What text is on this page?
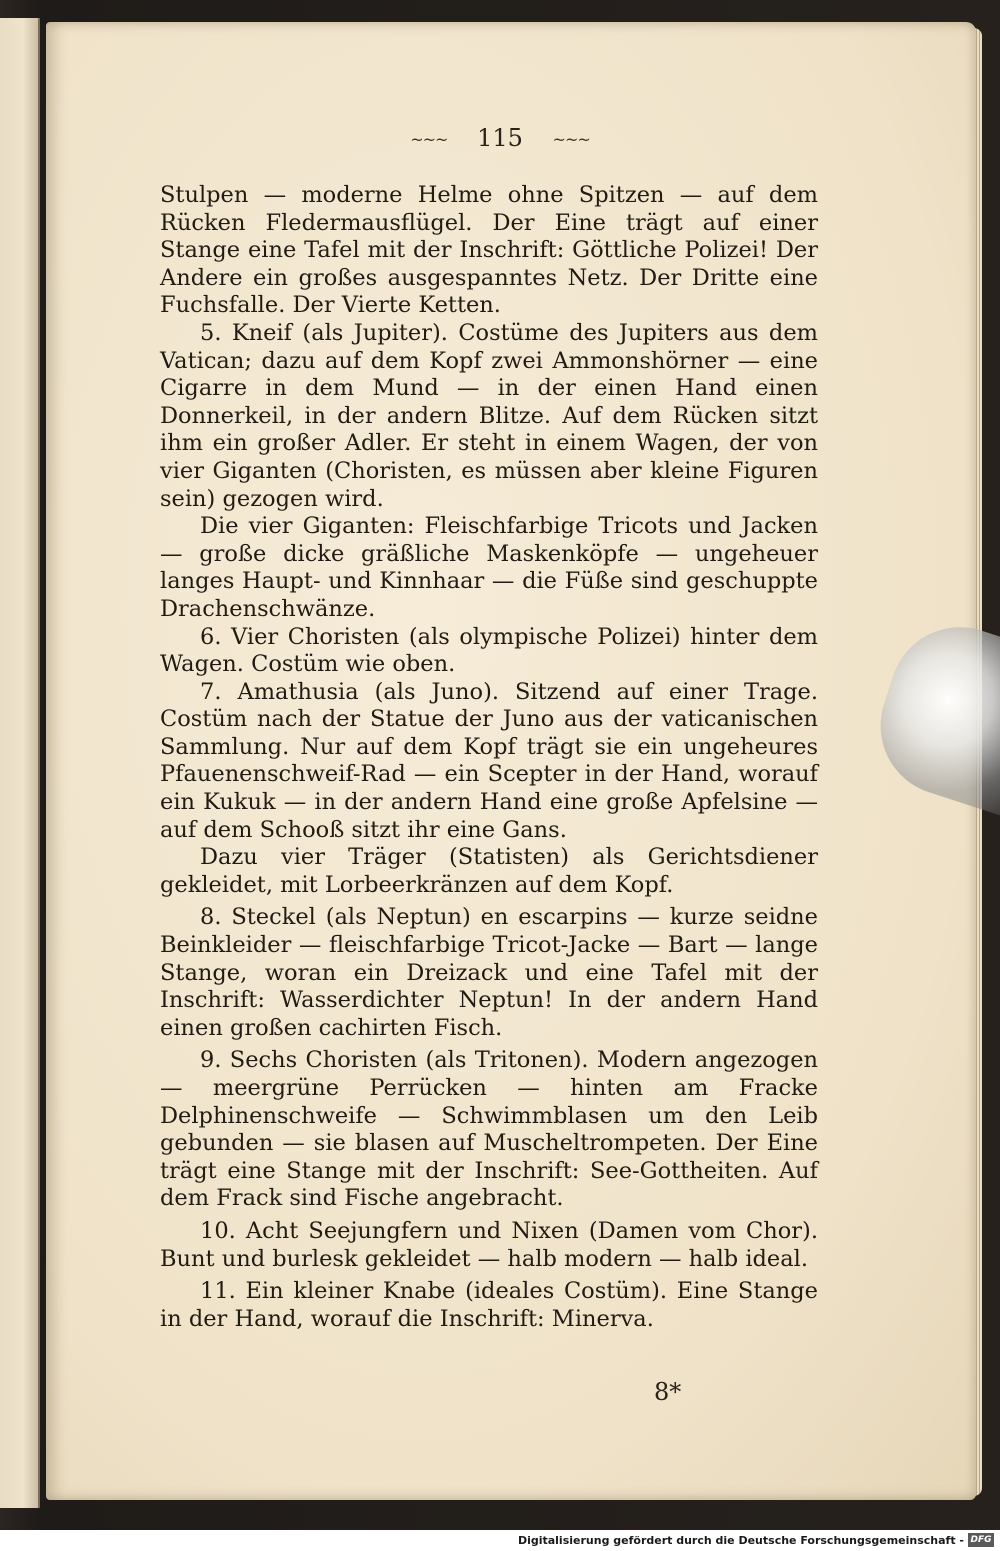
~~~ 115 ~~~

Stulpen — moderne Helme ohne Spitzen — auf dem Rücken Fledermausflügel. Der Eine trägt auf einer Stange eine Tafel mit der Inschrift: Göttliche Polizei! Der Andere ein großes ausgespanntes Netz. Der Dritte eine Fuchsfalle. Der Vierte Ketten.

5. Kneif (als Jupiter). Costüme des Jupiters aus dem Vatican; dazu auf dem Kopf zwei Ammonshörner — eine Cigarre in dem Mund — in der einen Hand einen Donnerkeil, in der andern Blitze. Auf dem Rücken sitzt ihm ein großer Adler. Er steht in einem Wagen, der von vier Giganten (Choristen, es müssen aber kleine Figuren sein) gezogen wird.

Die vier Giganten: Fleischfarbige Tricots und Jacken — große dicke gräßliche Maskenköpfe — ungeheuer langes Haupt- und Kinnhaar — die Füße sind geschuppte Drachenschwänze.

6. Vier Choristen (als olympische Polizei) hinter dem Wagen. Costüm wie oben.

7. Amathusia (als Juno). Sitzend auf einer Trage. Costüm nach der Statue der Juno aus der vaticanischen Sammlung. Nur auf dem Kopf trägt sie ein ungeheures Pfauenenschweif-Rad — ein Scepter in der Hand, worauf ein Kukuk — in der andern Hand eine große Apfelsine — auf dem Schooß sitzt ihr eine Gans.

Dazu vier Träger (Statisten) als Gerichtsdiener gekleidet, mit Lorbeerkränzen auf dem Kopf.

8. Steckel (als Neptun) en escarpins — kurze seidne Beinkleider — fleischfarbige Tricot-Jacke — Bart — lange Stange, woran ein Dreizack und eine Tafel mit der Inschrift: Wasserdichter Neptun! In der andern Hand einen großen cachirten Fisch.

9. Sechs Choristen (als Tritonen). Modern angezogen — meergrüne Perrücken — hinten am Fracke Delphinenschweife — Schwimmblasen um den Leib gebunden — sie blasen auf Muscheltrompeten. Der Eine trägt eine Stange mit der Inschrift: See-Gottheiten. Auf dem Frack sind Fische angebracht.

10. Acht Seejungfern und Nixen (Damen vom Chor). Bunt und burlesk gekleidet — halb modern — halb ideal.

11. Ein kleiner Knabe (ideales Costüm). Eine Stange in der Hand, worauf die Inschrift: Minerva.

8*
Digitalisierung gefördert durch die Deutsche Forschungsgemeinschaft - DFG
